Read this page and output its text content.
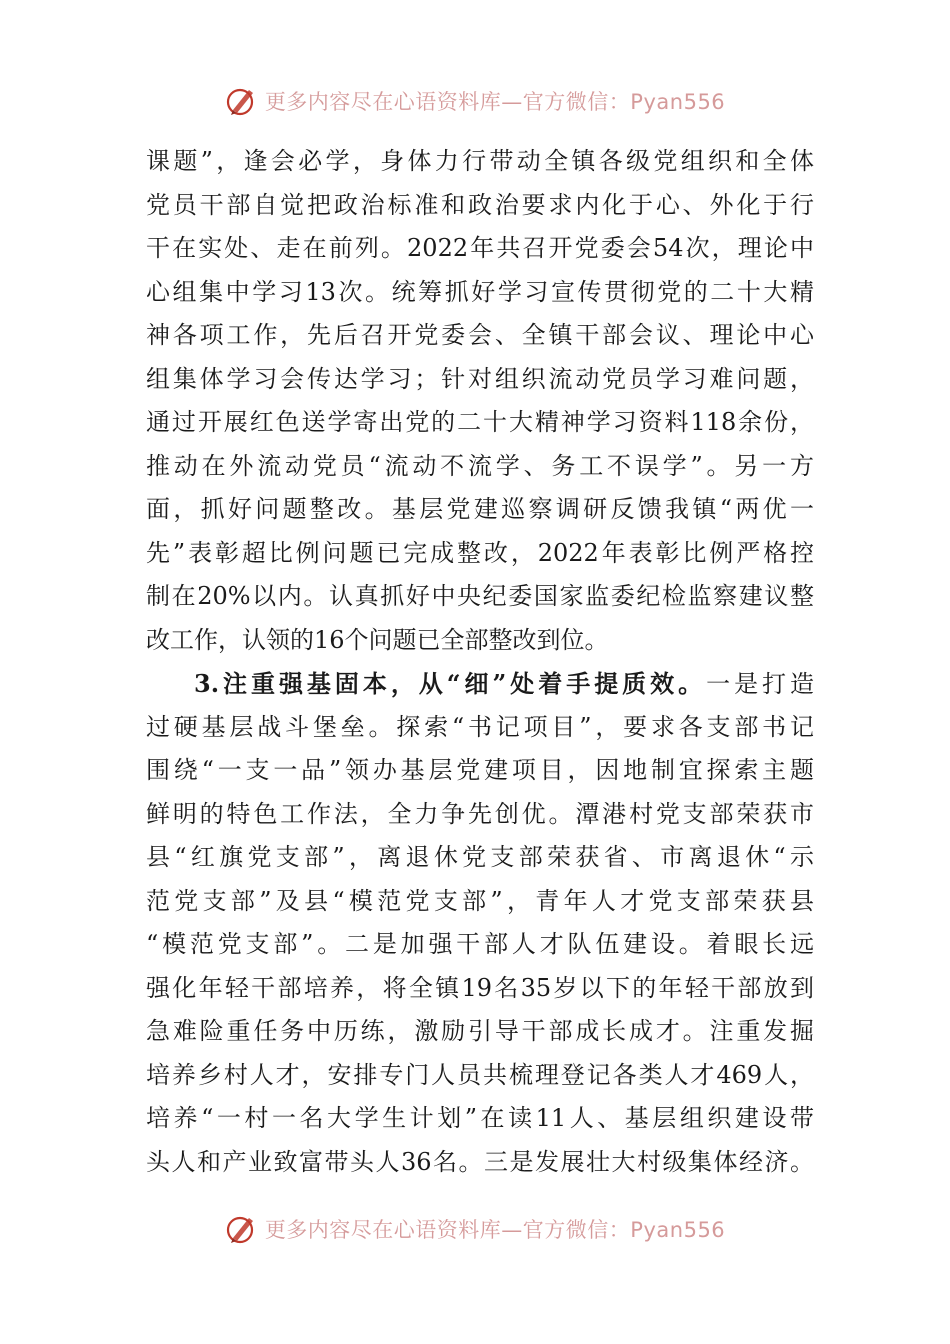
更多内容尽在心语资料库—官方微信：Pyan556
课题”，逢会必学，身体力行带动全镇各级党组织和全体
党员干部自觉把政治标准和政治要求内化于心、外化于行
干在实处、走在前列。2022年共召开党委会54次，理论中
心组集中学习13次。统筹抓好学习宣传贯彻党的二十大精
神各项工作，先后召开党委会、全镇干部会议、理论中心
组集体学习会传达学习；针对组织流动党员学习难问题，
通过开展红色送学寄出党的二十大精神学习资料118余份，
推动在外流动党员“流动不流学、务工不误学”。另一方
面，抓好问题整改。基层党建巡察调研反馈我镇“两优一
先”表彰超比例问题已完成整改，2022年表彰比例严格控
制在20%以内。认真抓好中央纪委国家监委纪检监察建议整
改工作，认领的16个问题已全部整改到位。
3.注重强基固本，从“细”处着手提质效。一是打造
过硬基层战斗堡垒。探索“书记项目”，要求各支部书记
围绕“一支一品”领办基层党建项目，因地制宜探索主题
鲜明的特色工作法，全力争先创优。潭港村党支部荣获市
县“红旗党支部”，离退休党支部荣获省、市离退休“示
范党支部”及县“模范党支部”，青年人才党支部荣获县
“模范党支部”。二是加强干部人才队伍建设。着眼长远
强化年轻干部培养，将全镇19名35岁以下的年轻干部放到
急难险重任务中历练，激励引导干部成长成才。注重发掘
培养乡村人才，安排专门人员共梳理登记各类人才469人，
培养“一村一名大学生计划”在读11人、基层组织建设带
头人和产业致富带头人36名。三是发展壮大村级集体经济。
更多内容尽在心语资料库—官方微信：Pyan556
